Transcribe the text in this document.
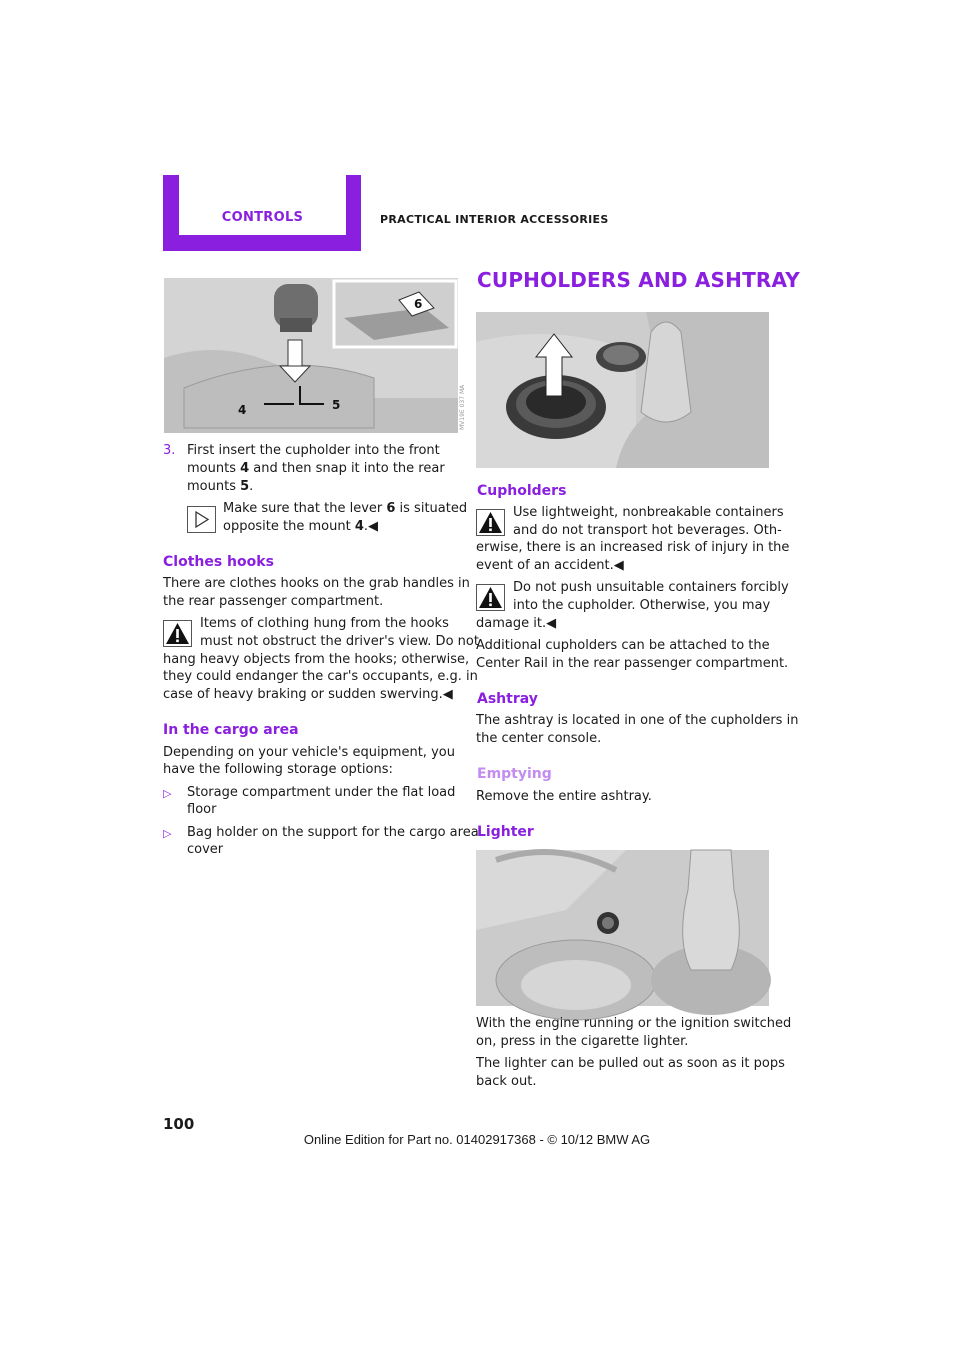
CONTROLS	PRACTICAL INTERIOR ACCESSORIES
6
4	5	MV19E 037 MA

3. First insert the cupholder into the front

mounts 4 and then snap it into the rear

mounts 5.

Make sure that the lever 6 is situated

opposite the mount 4.◀

Clothes hooks

There are clothes hooks on the grab handles in

the rear passenger compartment.

Items of clothing hung from the hooks

must not obstruct the driver's view. Do not

hang heavy objects from the hooks; otherwise,

they could endanger the car's occupants, e.g. in

case of heavy braking or sudden swerving.◀

In the cargo area

Depending on your vehicle's equipment, you

have the following storage options:

▷ Storage compartment under the flat load

floor

▷ Bag holder on the support for the cargo area

cover

CUPHOLDERS AND ASHTRAY

Cupholders

Use lightweight, nonbreakable containers

and do not transport hot beverages. Oth-

erwise, there is an increased risk of injury in the

event of an accident.◀

Do not push unsuitable containers forcibly

into the cupholder. Otherwise, you may

damage it.◀

Additional cupholders can be attached to the

Center Rail in the rear passenger compartment.

Ashtray

The ashtray is located in one of the cupholders in

the center console.

Emptying

Remove the entire ashtray.

Lighter

With the engine running or the ignition switched

on, press in the cigarette lighter.

The lighter can be pulled out as soon as it pops

back out.

100
Online Edition for Part no. 01402917368 - © 10/12 BMW AG
